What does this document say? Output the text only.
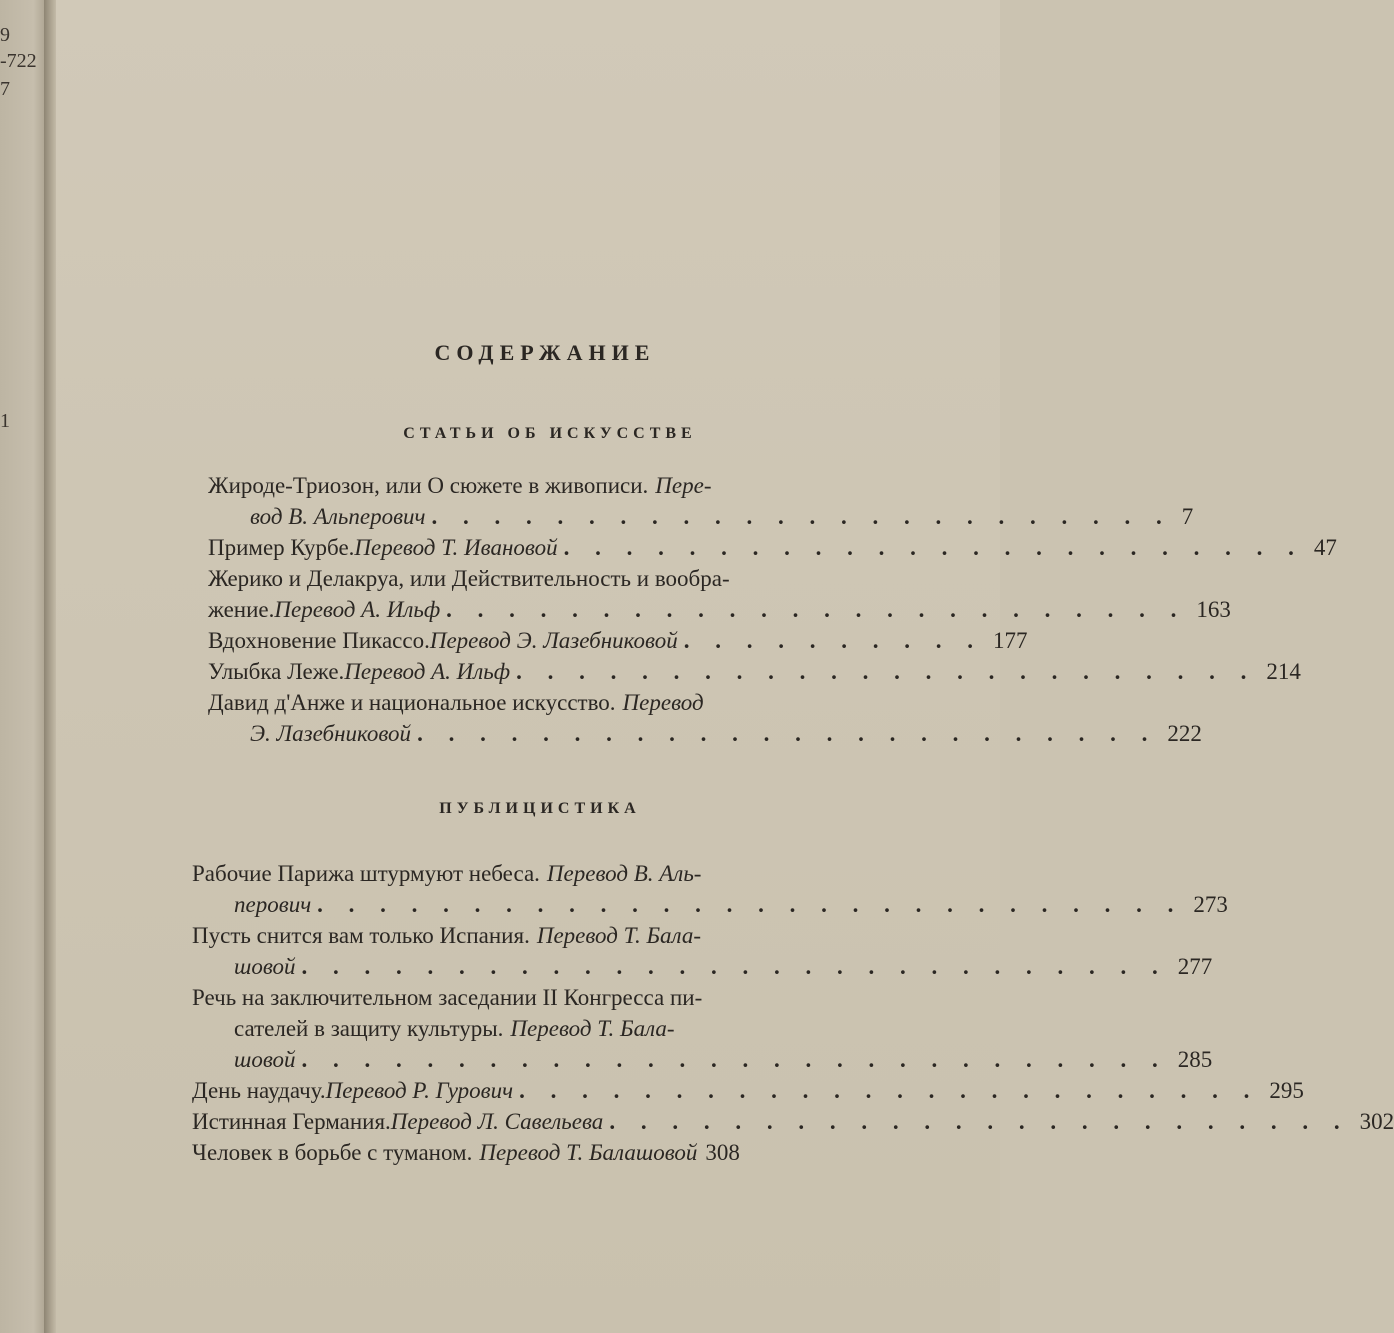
9
-722
7
1
СОДЕРЖАНИЕ
СТАТЬИ ОБ ИСКУССТВЕ
Жироде-Триозон, или О сюжете в живописи. Пере-
вод В. Альперович . . . . . . . . . . . . . . . . . . . . . . . . 7
Пример Курбе. Перевод Т. Ивановой . . . . . . . . . . . . . . . . . . . . . . . . 47
Жерико и Делакруа, или Действительность и вообра-
жение. Перевод А. Ильф . . . . . . . . . . . . . . . . . . . . . . . . 163
Вдохновение Пикассо. Перевод Э. Лазебниковой . . . . . . . . . . 177
Улыбка Леже. Перевод А. Ильф . . . . . . . . . . . . . . . . . . . . . . . . 214
Давид д'Анже и национальное искусство. Перевод
Э. Лазебниковой . . . . . . . . . . . . . . . . . . . . . . . . 222
ПУБЛИЦИСТИКА
Рабочие Парижа штурмуют небеса. Перевод В. Аль-
перович . . . . . . . . . . . . . . . . . . . . . . . . . . . . 273
Пусть снится вам только Испания. Перевод Т. Бала-
шовой . . . . . . . . . . . . . . . . . . . . . . . . . . . . 277
Речь на заключительном заседании II Конгресса пи-
сателей в защиту культуры. Перевод Т. Бала-
шовой . . . . . . . . . . . . . . . . . . . . . . . . . . . . 285
День наудачу. Перевод Р. Гурович . . . . . . . . . . . . . . . . . . . . . . . . 295
Истинная Германия. Перевод Л. Савельева . . . . . . . . . . . . . . . . . . . . . . . . 302
Человек в борьбе с туманом. Перевод Т. Балашовой 308
